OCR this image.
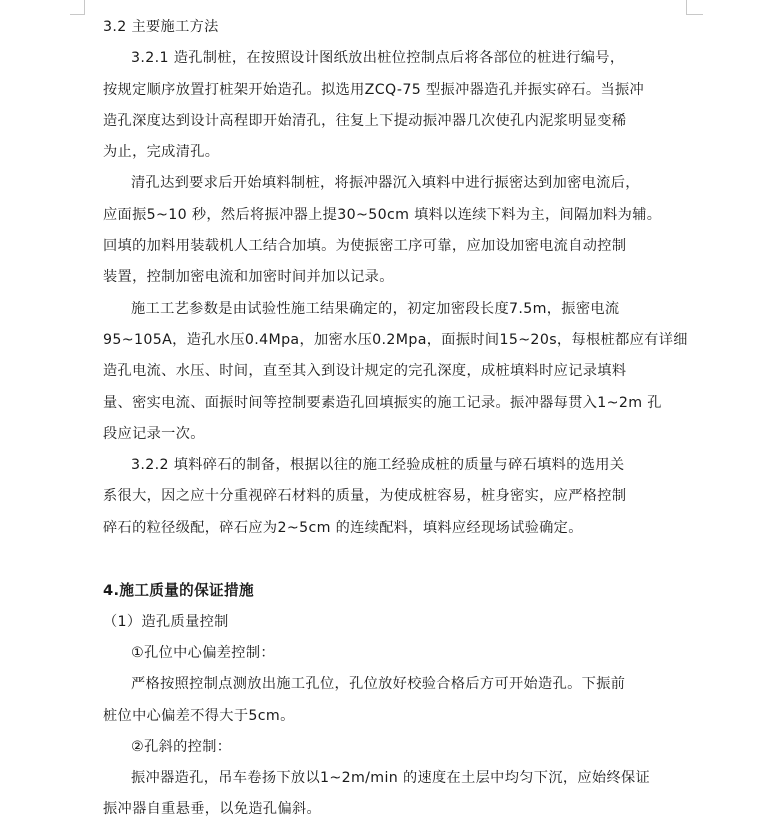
3.2 主要施工方法

3.2.1 造孔制桩，在按照设计图纸放出桩位控制点后将各部位的桩进行编号，

按规定顺序放置打桩架开始造孔。拟选用ZCQ-75 型振冲器造孔并振实碎石。当振冲

造孔深度达到设计高程即开始清孔，往复上下提动振冲器几次使孔内泥浆明显变稀

为止，完成清孔。

清孔达到要求后开始填料制桩，将振冲器沉入填料中进行振密达到加密电流后，

应面振5~10 秒，然后将振冲器上提30~50cm 填料以连续下料为主，间隔加料为辅。

回填的加料用装载机人工结合加填。为使振密工序可靠，应加设加密电流自动控制

装置，控制加密电流和加密时间并加以记录。

施工工艺参数是由试验性施工结果确定的，初定加密段长度7.5m，振密电流

95~105A，造孔水压0.4Mpa，加密水压0.2Mpa，面振时间15~20s，每根桩都应有详细

造孔电流、水压、时间，直至其入到设计规定的完孔深度，成桩填料时应记录填料

量、密实电流、面振时间等控制要素造孔回填振实的施工记录。振冲器每贯入1~2m 孔

段应记录一次。

3.2.2 填料碎石的制备，根据以往的施工经验成桩的质量与碎石填料的选用关

系很大，因之应十分重视碎石材料的质量，为使成桩容易，桩身密实，应严格控制

碎石的粒径级配，碎石应为2~5cm 的连续配料，填料应经现场试验确定。

4.施工质量的保证措施

（1）造孔质量控制

①孔位中心偏差控制：

严格按照控制点测放出施工孔位，孔位放好校验合格后方可开始造孔。下振前

桩位中心偏差不得大于5cm。

②孔斜的控制：

振冲器造孔，吊车卷扬下放以1~2m/min 的速度在土层中均匀下沉，应始终保证

振冲器自重悬垂，以免造孔偏斜。
